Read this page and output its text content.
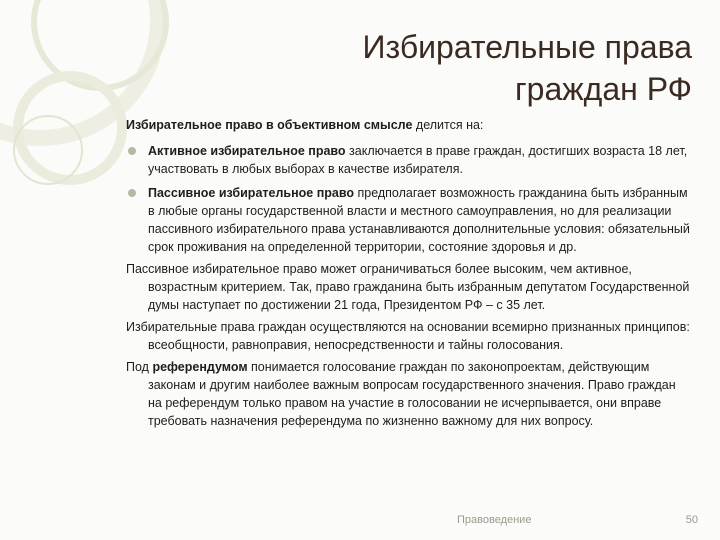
Избирательные права
граждан РФ

Избирательное право в объективном смысле делится на:

Активное избирательное право заключается в праве граждан, достигших возраста 18 лет, участвовать в любых выборах в качестве избирателя.
Пассивное избирательное право предполагает возможность гражданина быть избранным в любые органы государственной власти и местного самоуправления, но для реализации пассивного избирательного права устанавливаются дополнительные условия: обязательный срок проживания на определенной территории, состояние здоровья и др.

Пассивное избирательное право может ограничиваться более высоким, чем активное, возрастным критерием. Так, право гражданина быть избранным депутатом Государственной думы наступает по достижении 21 года, Президентом РФ – с 35 лет.

Избирательные права граждан осуществляются на основании всемирно признанных принципов: всеобщности, равноправия, непосредственности и тайны голосования.

Под референдумом понимается голосование граждан по законопроектам, действующим законам и другим наиболее важным вопросам государственного значения. Право граждан на референдум только правом на участие в голосовании не исчерпывается, они вправе требовать назначения референдума по жизненно важному для них вопросу.

Правоведение	50
